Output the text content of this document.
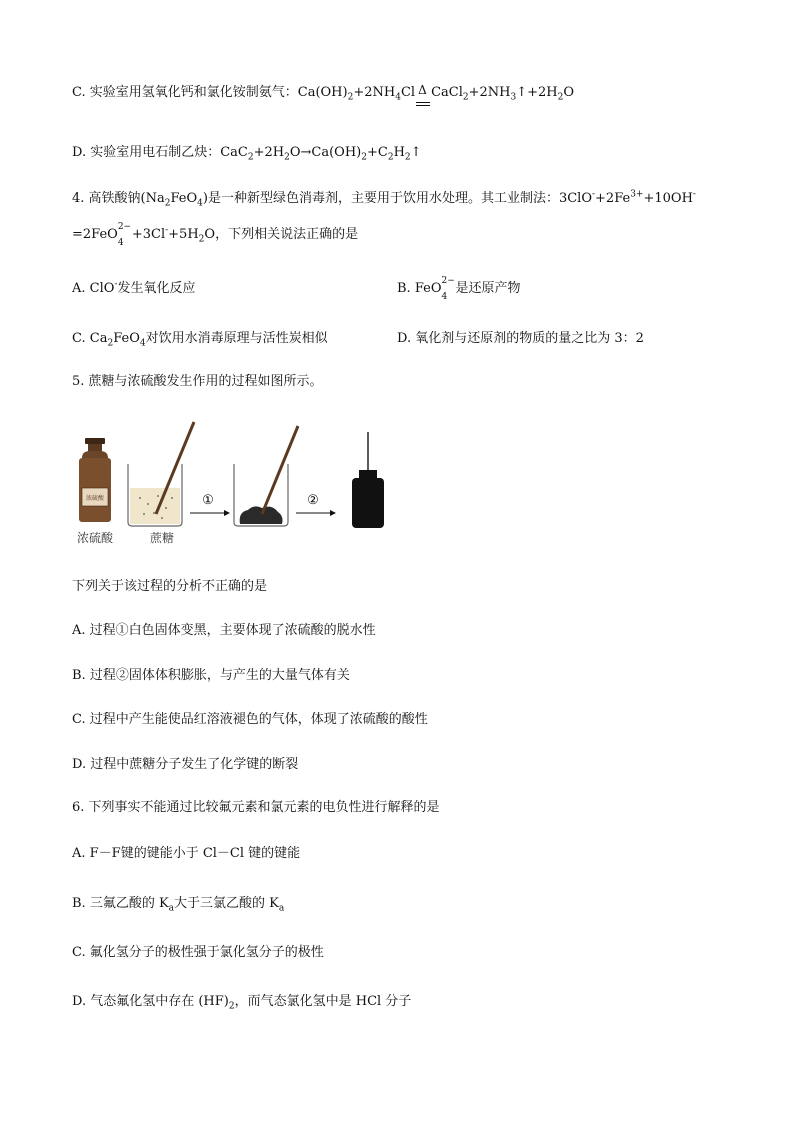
C. 实验室用氢氧化钙和氯化铵制氨气：$Ca(OH)_2+2NH_4Cl$ Δ $CaCl_2+2NH_3↑+2H_2O$
D. 实验室用电石制乙炔：$CaC_2+2H_2O\to Ca(OH)_2+C_2H_2↑$
4. 高铁酸钠$(Na_2FeO_4)$是一种新型绿色消毒剂，主要用于饮用水处理。其工业制法：$3ClO^-+2Fe^{3+}+10OH^-$
=2FeO 2−
4
$+3Cl^-+5H_2O$，下列相关说法正确的是
A. ClO-发生氧化反应	B. FeO 2−
4
是还原产物
C. $Ca_2FeO_4$对饮用水消毒原理与活性炭相似	D. 氧化剂与还原剂的物质的量之比为 3：2
5. 蔗糖与浓硫酸发生作用的过程如图所示。
浓硫酸	①	②
浓硫酸	蔗糖
下列关于该过程的分析不正确的是
A. 过程①白色固体变黑，主要体现了浓硫酸的脱水性
B. 过程②固体体积膨胀，与产生的大量气体有关
C. 过程中产生能使品红溶液褪色的气体，体现了浓硫酸的酸性
D. 过程中蔗糖分子发生了化学键的断裂
6. 下列事实不能通过比较氟元素和氯元素的电负性进行解释的是
A. F－F键的键能小于 Cl－Cl 键的键能
B. 三氟乙酸的 $K_a$大于三氯乙酸的 $K_a$
C. 氟化氢分子的极性强于氯化氢分子的极性
D. 气态氟化氢中存在 $(HF)_2$，而气态氯化氢中是 HCl 分子
